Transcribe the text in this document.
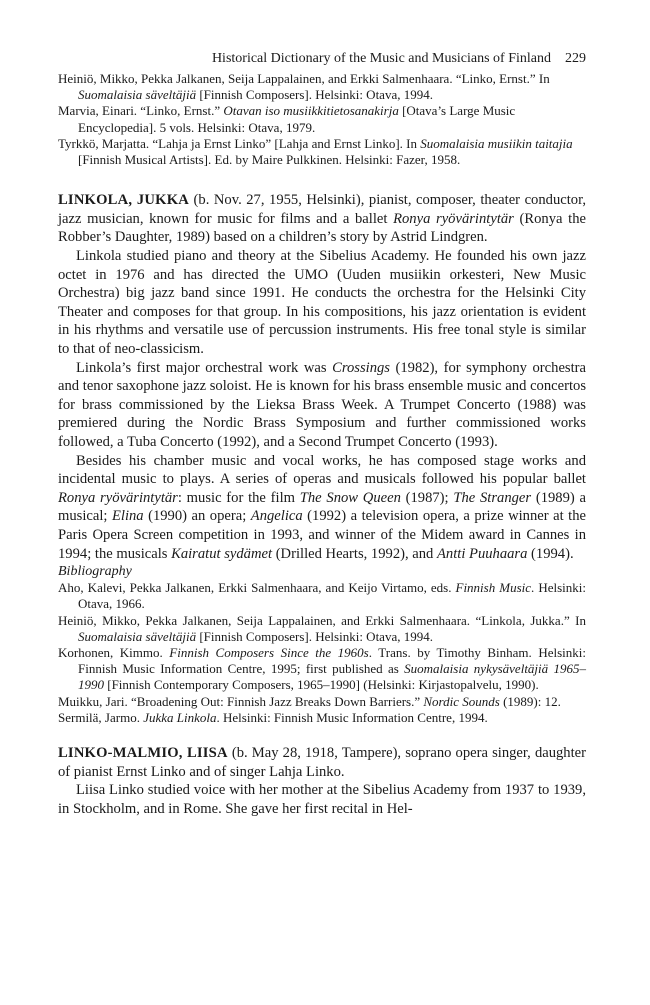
Historical Dictionary of the Music and Musicians of Finland 229
Heiniö, Mikko, Pekka Jalkanen, Seija Lappalainen, and Erkki Salmenhaara. “Linko, Ernst.” In Suomalaisia säveltäjiä [Finnish Composers]. Helsinki: Otava, 1994.
Marvia, Einari. “Linko, Ernst.” Otavan iso musiikkitietosanakirja [Otava’s Large Music Encyclopedia]. 5 vols. Helsinki: Otava, 1979.
Tyrkkö, Marjatta. “Lahja ja Ernst Linko” [Lahja and Ernst Linko]. In Suomalaisia musiikin taitajia [Finnish Musical Artists]. Ed. by Maire Pulkkinen. Helsinki: Fazer, 1958.

LINKOLA, JUKKA (b. Nov. 27, 1955, Helsinki), pianist, composer, theater conductor, jazz musician, known for music for films and a ballet Ronya ryövärintytär (Ronya the Robber’s Daughter, 1989) based on a children’s story by Astrid Lindgren.

Linkola studied piano and theory at the Sibelius Academy. He founded his own jazz octet in 1976 and has directed the UMO (Uuden musiikin orkesteri, New Music Orchestra) big jazz band since 1991. He conducts the orchestra for the Helsinki City Theater and composes for that group. In his compositions, his jazz orientation is evident in his rhythms and versatile use of percussion instruments. His free tonal style is similar to that of neo-classicism.

Linkola’s first major orchestral work was Crossings (1982), for symphony orchestra and tenor saxophone jazz soloist. He is known for his brass ensemble music and concertos for brass commissioned by the Lieksa Brass Week. A Trumpet Concerto (1988) was premiered during the Nordic Brass Symposium and further commissioned works followed, a Tuba Concerto (1992), and a Second Trumpet Concerto (1993).

Besides his chamber music and vocal works, he has composed stage works and incidental music to plays. A series of operas and musicals followed his popular ballet Ronya ryövärintytär: music for the film The Snow Queen (1987); The Stranger (1989) a musical; Elina (1990) an opera; Angelica (1992) a television opera, a prize winner at the Paris Opera Screen competition in 1993, and winner of the Midem award in Cannes in 1994; the musicals Kairatut sydämet (Drilled Hearts, 1992), and Antti Puuhaara (1994).

Bibliography
Aho, Kalevi, Pekka Jalkanen, Erkki Salmenhaara, and Keijo Virtamo, eds. Finnish Music. Helsinki: Otava, 1966.
Heiniö, Mikko, Pekka Jalkanen, Seija Lappalainen, and Erkki Salmenhaara. “Linkola, Jukka.” In Suomalaisia säveltäjiä [Finnish Composers]. Helsinki: Otava, 1994.
Korhonen, Kimmo. Finnish Composers Since the 1960s. Trans. by Timothy Binham. Helsinki: Finnish Music Information Centre, 1995; first published as Suomalaisia nykysäveltäjiä 1965–1990 [Finnish Contemporary Composers, 1965–1990] (Helsinki: Kirjastopalvelu, 1990).
Muikku, Jari. “Broadening Out: Finnish Jazz Breaks Down Barriers.” Nordic Sounds (1989): 12.
Sermilä, Jarmo. Jukka Linkola. Helsinki: Finnish Music Information Centre, 1994.

LINKO-MALMIO, LIISA (b. May 28, 1918, Tampere), soprano opera singer, daughter of pianist Ernst Linko and of singer Lahja Linko.

Liisa Linko studied voice with her mother at the Sibelius Academy from 1937 to 1939, in Stockholm, and in Rome. She gave her first recital in Hel-
